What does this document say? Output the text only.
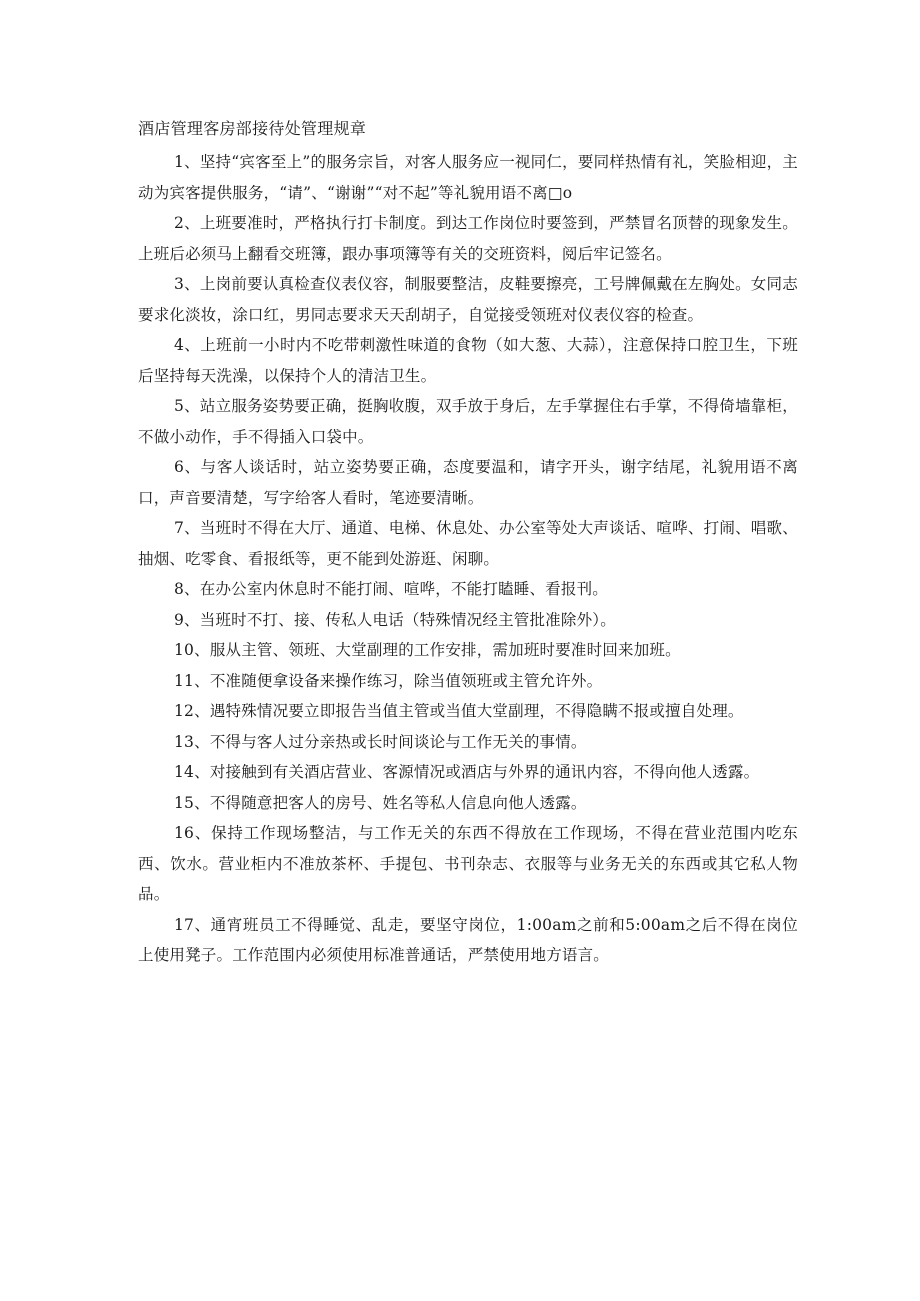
酒店管理客房部接待处管理规章

1、坚持“宾客至上”的服务宗旨，对客人服务应一视同仁，要同样热情有礼，笑脸相迎，主动为宾客提供服务，“请”、“谢谢”“对不起”等礼貌用语不离□o

2、上班要准时，严格执行打卡制度。到达工作岗位时要签到，严禁冒名顶替的现象发生。上班后必须马上翻看交班簿，跟办事项簿等有关的交班资料，阅后牢记签名。

3、上岗前要认真检查仪表仪容，制服要整洁，皮鞋要擦亮，工号牌佩戴在左胸处。女同志要求化淡妆，涂口红，男同志要求天天刮胡子，自觉接受领班对仪表仪容的检查。

4、上班前一小时内不吃带刺激性味道的食物（如大葱、大蒜），注意保持口腔卫生，下班后坚持每天洗澡，以保持个人的清洁卫生。

5、站立服务姿势要正确，挺胸收腹，双手放于身后，左手掌握住右手掌，不得倚墙靠柜，不做小动作，手不得插入口袋中。

6、与客人谈话时，站立姿势要正确，态度要温和，请字开头，谢字结尾，礼貌用语不离口，声音要清楚，写字给客人看时，笔迹要清晰。

7、当班时不得在大厅、通道、电梯、休息处、办公室等处大声谈话、喧哗、打闹、唱歌、抽烟、吃零食、看报纸等，更不能到处游逛、闲聊。

8、在办公室内休息时不能打闹、喧哗，不能打瞌睡、看报刊。

9、当班时不打、接、传私人电话（特殊情况经主管批准除外）。

10、服从主管、领班、大堂副理的工作安排，需加班时要准时回来加班。

11、不准随便拿设备来操作练习，除当值领班或主管允许外。

12、遇特殊情况要立即报告当值主管或当值大堂副理，不得隐瞒不报或擅自处理。

13、不得与客人过分亲热或长时间谈论与工作无关的事情。

14、对接触到有关酒店营业、客源情况或酒店与外界的通讯内容，不得向他人透露。

15、不得随意把客人的房号、姓名等私人信息向他人透露。

16、保持工作现场整洁，与工作无关的东西不得放在工作现场，不得在营业范围内吃东西、饮水。营业柜内不准放茶杯、手提包、书刊杂志、衣服等与业务无关的东西或其它私人物品。

17、通宵班员工不得睡觉、乱走，要坚守岗位，1:00am之前和5:00am之后不得在岗位上使用凳子。工作范围内必须使用标准普通话，严禁使用地方语言。
